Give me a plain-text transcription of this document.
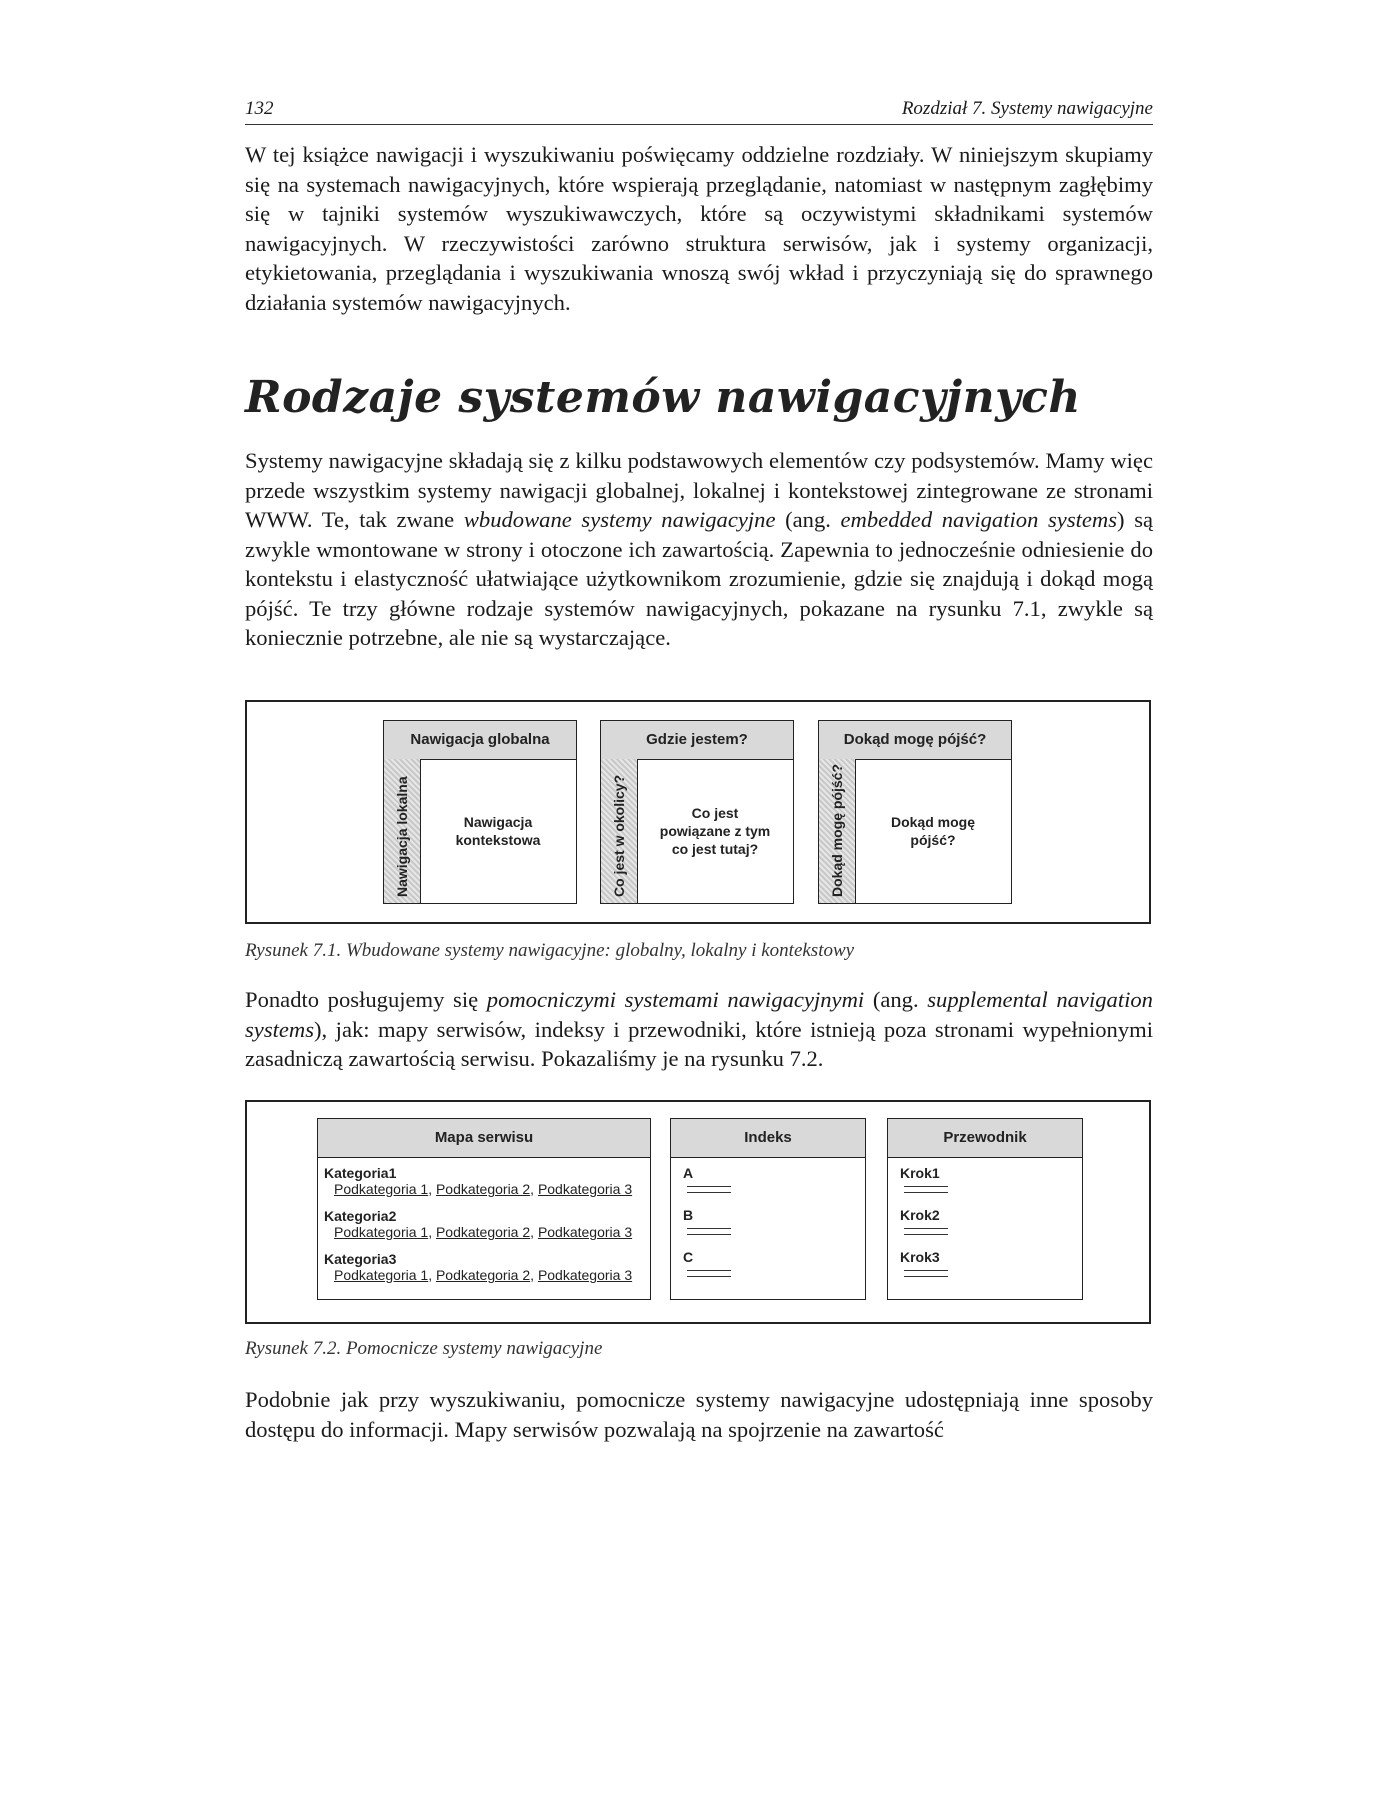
132	Rozdział 7. Systemy nawigacyjne

W tej książce nawigacji i wyszukiwaniu poświęcamy oddzielne rozdziały. W niniejszym skupiamy się na systemach nawigacyjnych, które wspierają przeglądanie, natomiast w następnym zagłębimy się w tajniki systemów wyszukiwawczych, które są oczywistymi składnikami systemów nawigacyjnych. W rzeczywistości zarówno struktura serwisów, jak i systemy organizacji, etykietowania, przeglądania i wyszukiwania wnoszą swój wkład i przyczyniają się do sprawnego działania systemów nawigacyjnych.

Rodzaje systemów nawigacyjnych

Systemy nawigacyjne składają się z kilku podstawowych elementów czy podsystemów. Mamy więc przede wszystkim systemy nawigacji globalnej, lokalnej i kontekstowej zintegrowane ze stronami WWW. Te, tak zwane wbudowane systemy nawigacyjne (ang. embedded navigation systems) są zwykle wmontowane w strony i otoczone ich zawartością. Zapewnia to jednocześnie odniesienie do kontekstu i elastyczność ułatwiające użytkownikom zrozumienie, gdzie się znajdują i dokąd mogą pójść. Te trzy główne rodzaje systemów nawigacyjnych, pokazane na rysunku 7.1, zwykle są koniecznie potrzebne, ale nie są wystarczające.

Nawigacja globalna
Nawigacja lokalna	Nawigacja
kontekstowa
Gdzie jestem?
Co jest w okolicy?	Co jest
powiązane z tym
co jest tutaj?
Dokąd mogę pójść?
Dokąd mogę pójść?	Dokąd mogę
pójść?
Rysunek 7.1. Wbudowane systemy nawigacyjne: globalny, lokalny i kontekstowy

Ponadto posługujemy się pomocniczymi systemami nawigacyjnymi (ang. supplemental navigation systems), jak: mapy serwisów, indeksy i przewodniki, które istnieją poza stronami wypełnionymi zasadniczą zawartością serwisu. Pokazaliśmy je na rysunku 7.2.

Mapa serwisu
Kategoria1
Podkategoria 1, Podkategoria 2, Podkategoria 3
Kategoria2
Podkategoria 1, Podkategoria 2, Podkategoria 3
Kategoria3
Podkategoria 1, Podkategoria 2, Podkategoria 3
Indeks
A
B
C
Przewodnik
Krok1
Krok2
Krok3
Rysunek 7.2. Pomocnicze systemy nawigacyjne

Podobnie jak przy wyszukiwaniu, pomocnicze systemy nawigacyjne udostępniają inne sposoby dostępu do informacji. Mapy serwisów pozwalają na spojrzenie na zawartość
